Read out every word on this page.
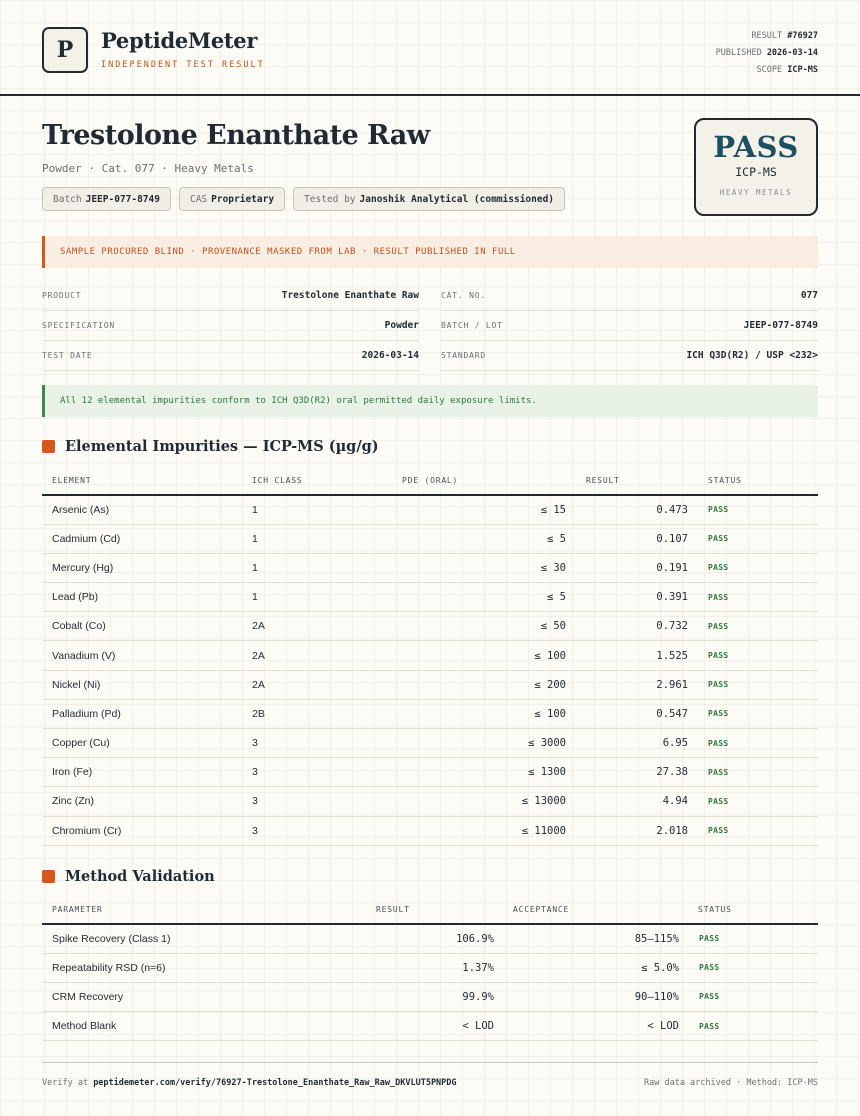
P	PeptideMeter
INDEPENDENT TEST RESULT
RESULT #76927
PUBLISHED 2026-03-14
SCOPE ICP-MS
Trestolone Enanthate Raw
Powder · Cat. 077 · Heavy Metals
Batch JEEP-077-8749	CAS Proprietary	Tested by Janoshik Analytical (commissioned)
PASS
ICP-MS
HEAVY METALS
SAMPLE PROCURED BLIND · PROVENANCE MASKED FROM LAB · RESULT PUBLISHED IN FULL
PRODUCT	Trestolone Enanthate Raw	CAT. NO.	077
SPECIFICATION	Powder	BATCH / LOT	JEEP-077-8749
TEST DATE	2026-03-14	STANDARD	ICH Q3D(R2) / USP <232>
All 12 elemental impurities conform to ICH Q3D(R2) oral permitted daily exposure limits.
Elemental Impurities — ICP-MS (µg/g)
ELEMENT	ICH CLASS	PDE (ORAL)	RESULT	STATUS
Arsenic (As)	1	≤ 15	0.473	PASS
Cadmium (Cd)	1	≤ 5	0.107	PASS
Mercury (Hg)	1	≤ 30	0.191	PASS
Lead (Pb)	1	≤ 5	0.391	PASS
Cobalt (Co)	2A	≤ 50	0.732	PASS
Vanadium (V)	2A	≤ 100	1.525	PASS
Nickel (Ni)	2A	≤ 200	2.961	PASS
Palladium (Pd)	2B	≤ 100	0.547	PASS
Copper (Cu)	3	≤ 3000	6.95	PASS
Iron (Fe)	3	≤ 1300	27.38	PASS
Zinc (Zn)	3	≤ 13000	4.94	PASS
Chromium (Cr)	3	≤ 11000	2.018	PASS
Method Validation
PARAMETER	RESULT	ACCEPTANCE	STATUS
Spike Recovery (Class 1)	106.9%	85–115%	PASS
Repeatability RSD (n=6)	1.37%	≤ 5.0%	PASS
CRM Recovery	99.9%	90–110%	PASS
Method Blank	< LOD	< LOD	PASS
Verify at peptidemeter.com/verify/76927-Trestolone_Enanthate_Raw_Raw_DKVLUT5PNPDG	Raw data archived · Method: ICP-MS
